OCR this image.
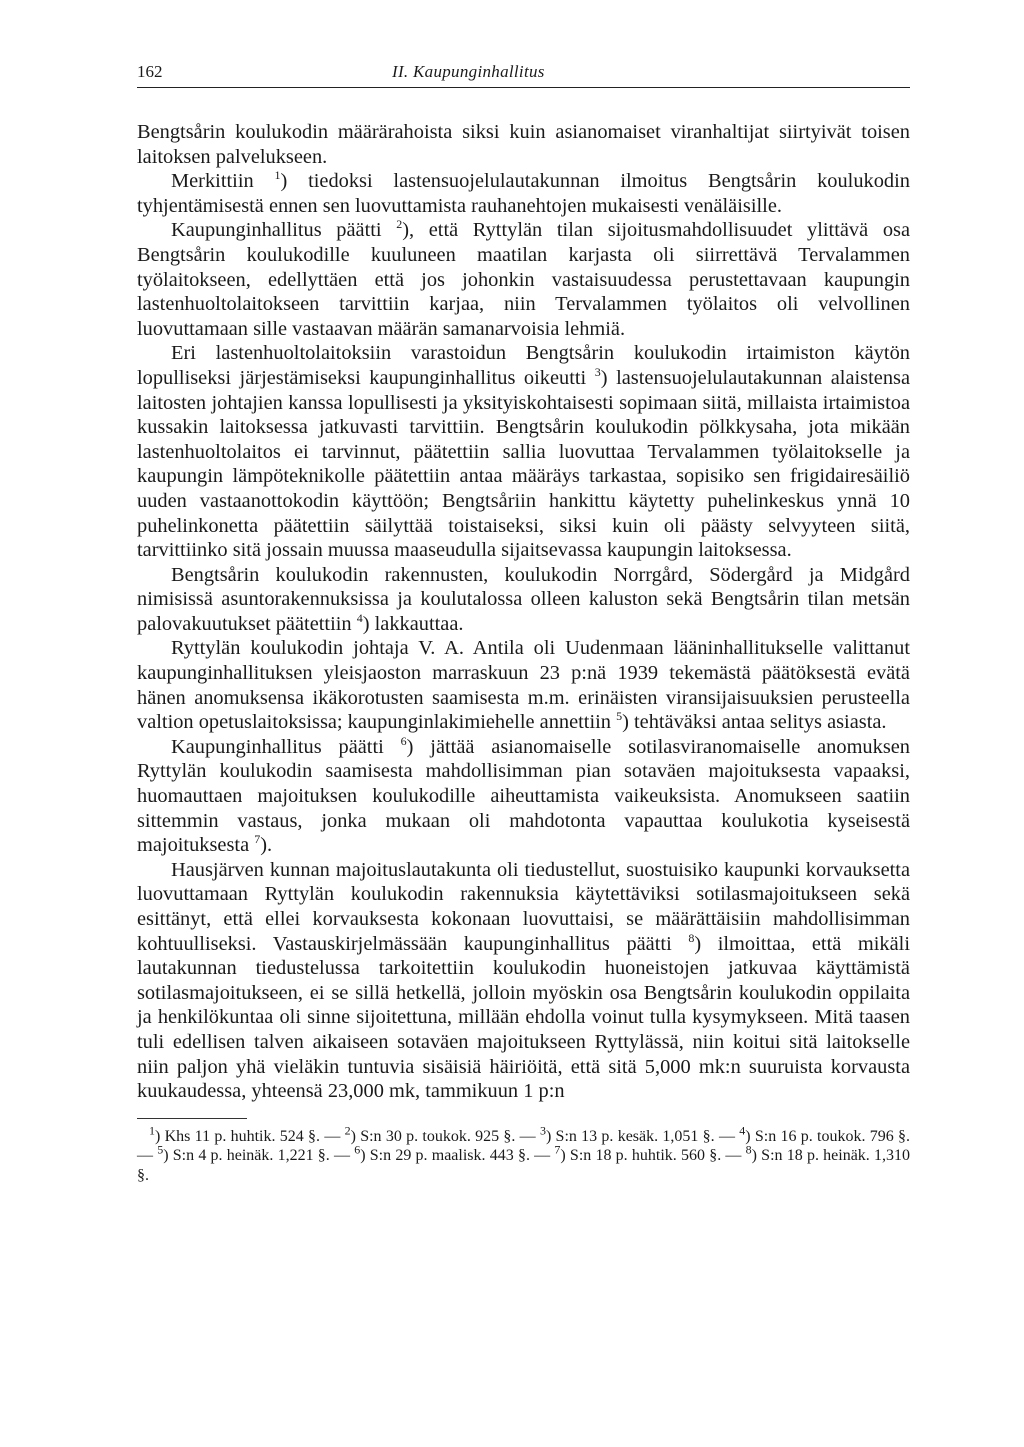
162	II. Kaupunginhallitus

Bengtsårin koulukodin määrärahoista siksi kuin asianomaiset viranhaltijat siirtyivät toisen laitoksen palvelukseen.

Merkittiin $^1$) tiedoksi lastensuojelulautakunnan ilmoitus Bengtsårin koulukodin tyhjentämisestä ennen sen luovuttamista rauhanehtojen mukaisesti venäläisille.

Kaupunginhallitus päätti $^2$), että Ryttylän tilan sijoitusmahdollisuudet ylittävä osa Bengtsårin koulukodille kuuluneen maatilan karjasta oli siirrettävä Tervalammen työlaitokseen, edellyttäen että jos johonkin vastaisuudessa perustettavaan kaupungin lastenhuoltolaitokseen tarvittiin karjaa, niin Tervalammen työlaitos oli velvollinen luovuttamaan sille vastaavan määrän samanarvoisia lehmiä.

Eri lastenhuoltolaitoksiin varastoidun Bengtsårin koulukodin irtaimiston käytön lopulliseksi järjestämiseksi kaupunginhallitus oikeutti $^3$) lastensuojelulautakunnan alaistensa laitosten johtajien kanssa lopullisesti ja yksityiskohtaisesti sopimaan siitä, millaista irtaimistoa kussakin laitoksessa jatkuvasti tarvittiin. Bengtsårin koulukodin pölkkysaha, jota mikään lastenhuoltolaitos ei tarvinnut, päätettiin sallia luovuttaa Tervalammen työlaitokselle ja kaupungin lämpöteknikolle päätettiin antaa määräys tarkastaa, sopisiko sen frigidairesäiliö uuden vastaanottokodin käyttöön; Bengtsåriin hankittu käytetty puhelinkeskus ynnä 10 puhelinkonetta päätettiin säilyttää toistaiseksi, siksi kuin oli päästy selvyyteen siitä, tarvittiinko sitä jossain muussa maaseudulla sijaitsevassa kaupungin laitoksessa.

Bengtsårin koulukodin rakennusten, koulukodin Norrgård, Södergård ja Midgård nimisissä asuntorakennuksissa ja koulutalossa olleen kaluston sekä Bengtsårin tilan metsän palovakuutukset päätettiin $^4$) lakkauttaa.

Ryttylän koulukodin johtaja V. A. Antila oli Uudenmaan lääninhallitukselle valittanut kaupunginhallituksen yleisjaoston marraskuun 23 p:nä 1939 tekemästä päätöksestä evätä hänen anomuksensa ikäkorotusten saamisesta m.m. erinäisten viransijaisuuksien perusteella valtion opetuslaitoksissa; kaupunginlakimiehelle annettiin $^5$) tehtäväksi antaa selitys asiasta.

Kaupunginhallitus päätti $^6$) jättää asianomaiselle sotilasviranomaiselle anomuksen Ryttylän koulukodin saamisesta mahdollisimman pian sotaväen majoituksesta vapaaksi, huomauttaen majoituksen koulukodille aiheuttamista vaikeuksista. Anomukseen saatiin sittemmin vastaus, jonka mukaan oli mahdotonta vapauttaa koulukotia kyseisestä majoituksesta $^7$).

Hausjärven kunnan majoituslautakunta oli tiedustellut, suostuisiko kaupunki korvauksetta luovuttamaan Ryttylän koulukodin rakennuksia käytettäviksi sotilasmajoitukseen sekä esittänyt, että ellei korvauksesta kokonaan luovuttaisi, se määrättäisiin mahdollisimman kohtuulliseksi. Vastauskirjelmässään kaupunginhallitus päätti $^8$) ilmoittaa, että mikäli lautakunnan tiedustelussa tarkoitettiin koulukodin huoneistojen jatkuvaa käyttämistä sotilasmajoitukseen, ei se sillä hetkellä, jolloin myöskin osa Bengtsårin koulukodin oppilaita ja henkilökuntaa oli sinne sijoitettuna, millään ehdolla voinut tulla kysymykseen. Mitä taasen tuli edellisen talven aikaiseen sotaväen majoitukseen Ryttylässä, niin koitui sitä laitokselle niin paljon yhä vieläkin tuntuvia sisäisiä häiriöitä, että sitä 5,000 mk:n suuruista korvausta kuukaudessa, yhteensä 23,000 mk, tammikuun 1 p:n

$^1$) Khs 11 p. huhtik. 524 §. — $^2$) S:n 30 p. toukok. 925 §. — $^3$) S:n 13 p. kesäk. 1,051 §. — $^4$) S:n 16 p. toukok. 796 §. — $^5$) S:n 4 p. heinäk. 1,221 §. — $^6$) S:n 29 p. maalisk. 443 §. — $^7$) S:n 18 p. huhtik. 560 §. — $^8$) S:n 18 p. heinäk. 1,310 §.
